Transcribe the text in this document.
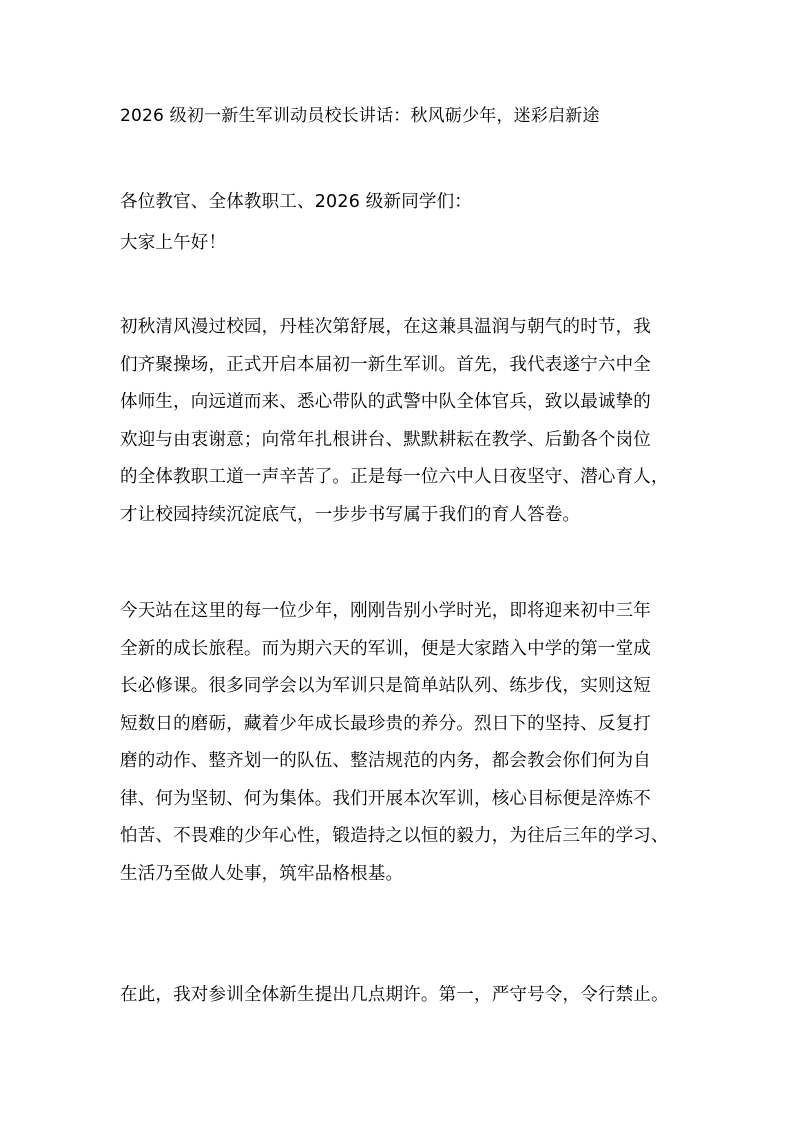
2026 级初一新生军训动员校长讲话：秋风砺少年，迷彩启新途
各位教官、全体教职工、2026 级新同学们：
大家上午好！
初秋清风漫过校园，丹桂次第舒展，在这兼具温润与朝气的时节，我
们齐聚操场，正式开启本届初一新生军训。首先，我代表遂宁六中全
体师生，向远道而来、悉心带队的武警中队全体官兵，致以最诚挚的
欢迎与由衷谢意；向常年扎根讲台、默默耕耘在教学、后勤各个岗位
的全体教职工道一声辛苦了。正是每一位六中人日夜坚守、潜心育人，
才让校园持续沉淀底气，一步步书写属于我们的育人答卷。
今天站在这里的每一位少年，刚刚告别小学时光，即将迎来初中三年
全新的成长旅程。而为期六天的军训，便是大家踏入中学的第一堂成
长必修课。很多同学会以为军训只是简单站队列、练步伐，实则这短
短数日的磨砺，藏着少年成长最珍贵的养分。烈日下的坚持、反复打
磨的动作、整齐划一的队伍、整洁规范的内务，都会教会你们何为自
律、何为坚韧、何为集体。我们开展本次军训，核心目标便是淬炼不
怕苦、不畏难的少年心性，锻造持之以恒的毅力，为往后三年的学习、
生活乃至做人处事，筑牢品格根基。
在此，我对参训全体新生提出几点期许。第一，严守号令，令行禁止。
